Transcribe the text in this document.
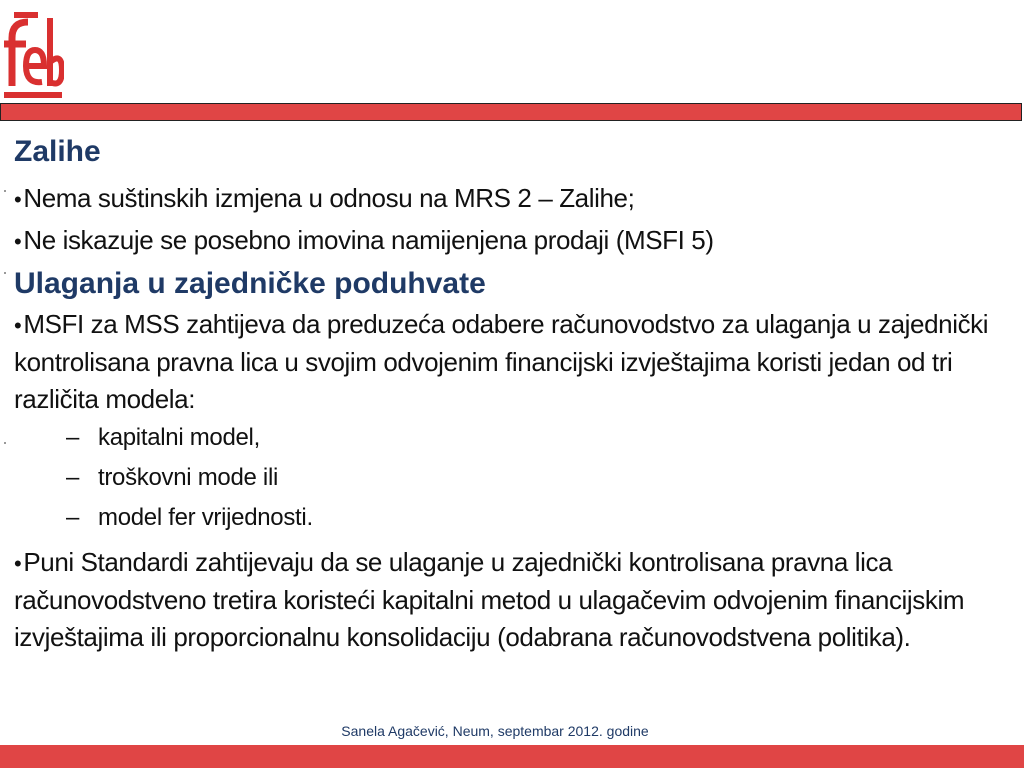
Zalihe

•Nema suštinskih izmjena u odnosu na MRS 2 – Zalihe;

•Ne iskazuje se posebno imovina namijenjena prodaji (MSFI 5)

Ulaganja u zajedničke poduhvate

•MSFI za MSS zahtijeva da preduzeća odabere računovodstvo za ulaganja u zajednički kontrolisana pravna lica u svojim odvojenim financijski izvještajima koristi jedan od tri različita modela:

– kapitalni model,

– troškovni mode ili

– model fer vrijednosti.

•Puni Standardi zahtijevaju da se ulaganje u zajednički kontrolisana pravna lica računovodstveno tretira koristeći kapitalni metod u ulagačevim odvojenim financijskim izvještajima ili proporcionalnu konsolidaciju (odabrana računovodstvena politika).

Sanela Agačević, Neum, septembar 2012. godine
